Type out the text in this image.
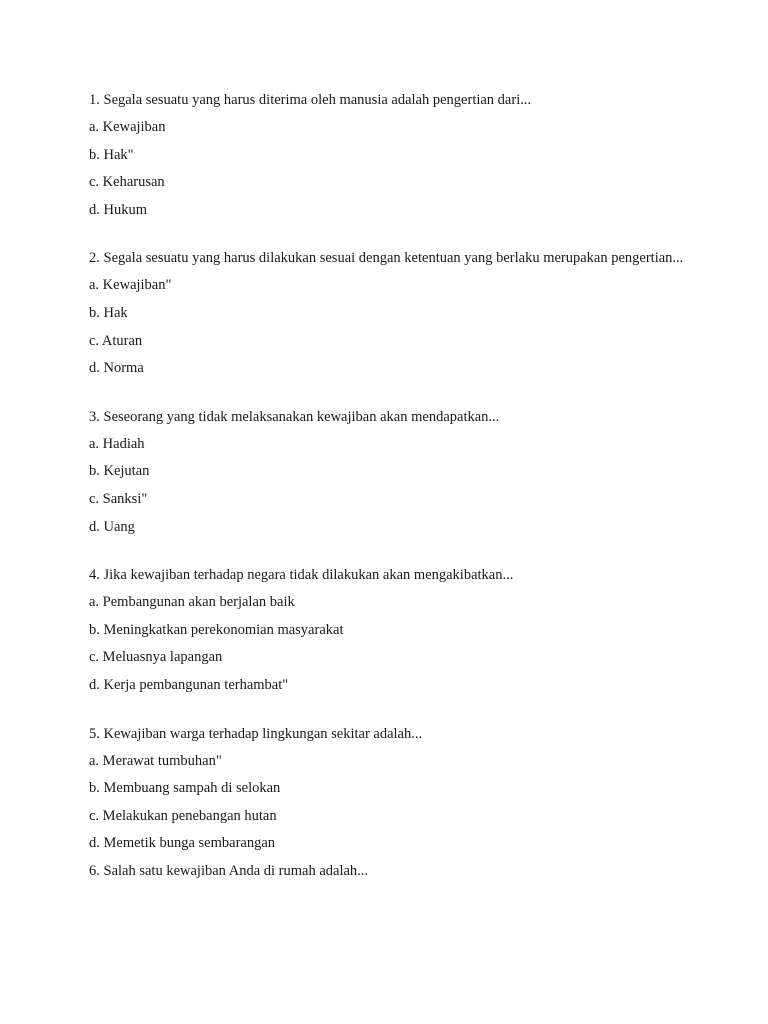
1. Segala sesuatu yang harus diterima oleh manusia adalah pengertian dari...
a. Kewajiban
b. Hak"
c. Keharusan
d. Hukum
2. Segala sesuatu yang harus dilakukan sesuai dengan ketentuan yang berlaku merupakan pengertian...
a. Kewajiban"
b. Hak
c. Aturan
d. Norma
3. Seseorang yang tidak melaksanakan kewajiban akan mendapatkan...
a. Hadiah
b. Kejutan
c. Sanksi"
d. Uang
4. Jika kewajiban terhadap negara tidak dilakukan akan mengakibatkan...
a. Pembangunan akan berjalan baik
b. Meningkatkan perekonomian masyarakat
c. Meluasnya lapangan
d. Kerja pembangunan terhambat"
5. Kewajiban warga terhadap lingkungan sekitar adalah...
a. Merawat tumbuhan"
b. Membuang sampah di selokan
c. Melakukan penebangan hutan
d. Memetik bunga sembarangan
6. Salah satu kewajiban Anda di rumah adalah...
